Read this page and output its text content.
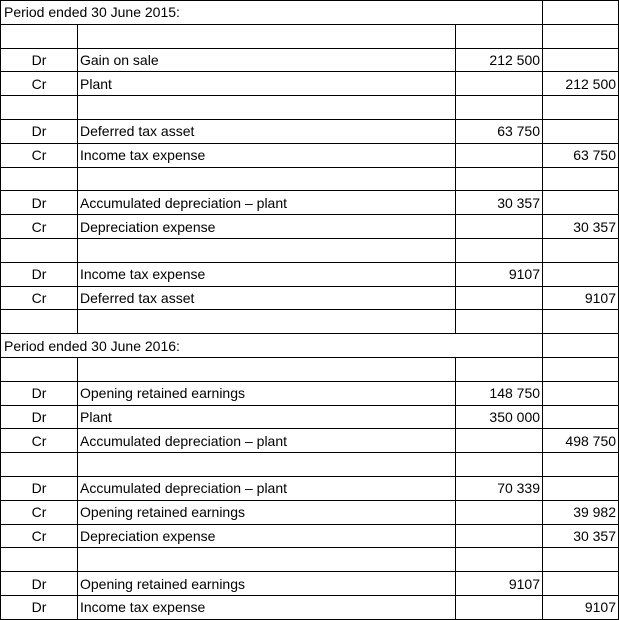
Period ended 30 June 2015:			

Dr	Gain on sale	212 500	
Cr	Plant		212 500

Dr	Deferred tax asset	63 750	
Cr	Income tax expense		63 750

Dr	Accumulated depreciation – plant	30 357	
Cr	Depreciation expense		30 357

Dr	Income tax expense	9107	
Cr	Deferred tax asset		9107

Period ended 30 June 2016:			

Dr	Opening retained earnings	148 750	
Dr	Plant	350 000	
Cr	Accumulated depreciation – plant		498 750

Dr	Accumulated depreciation – plant	70 339	
Cr	Opening retained earnings		39 982
Cr	Depreciation expense		30 357

Dr	Opening retained earnings	9107	
Dr	Income tax expense		9107
